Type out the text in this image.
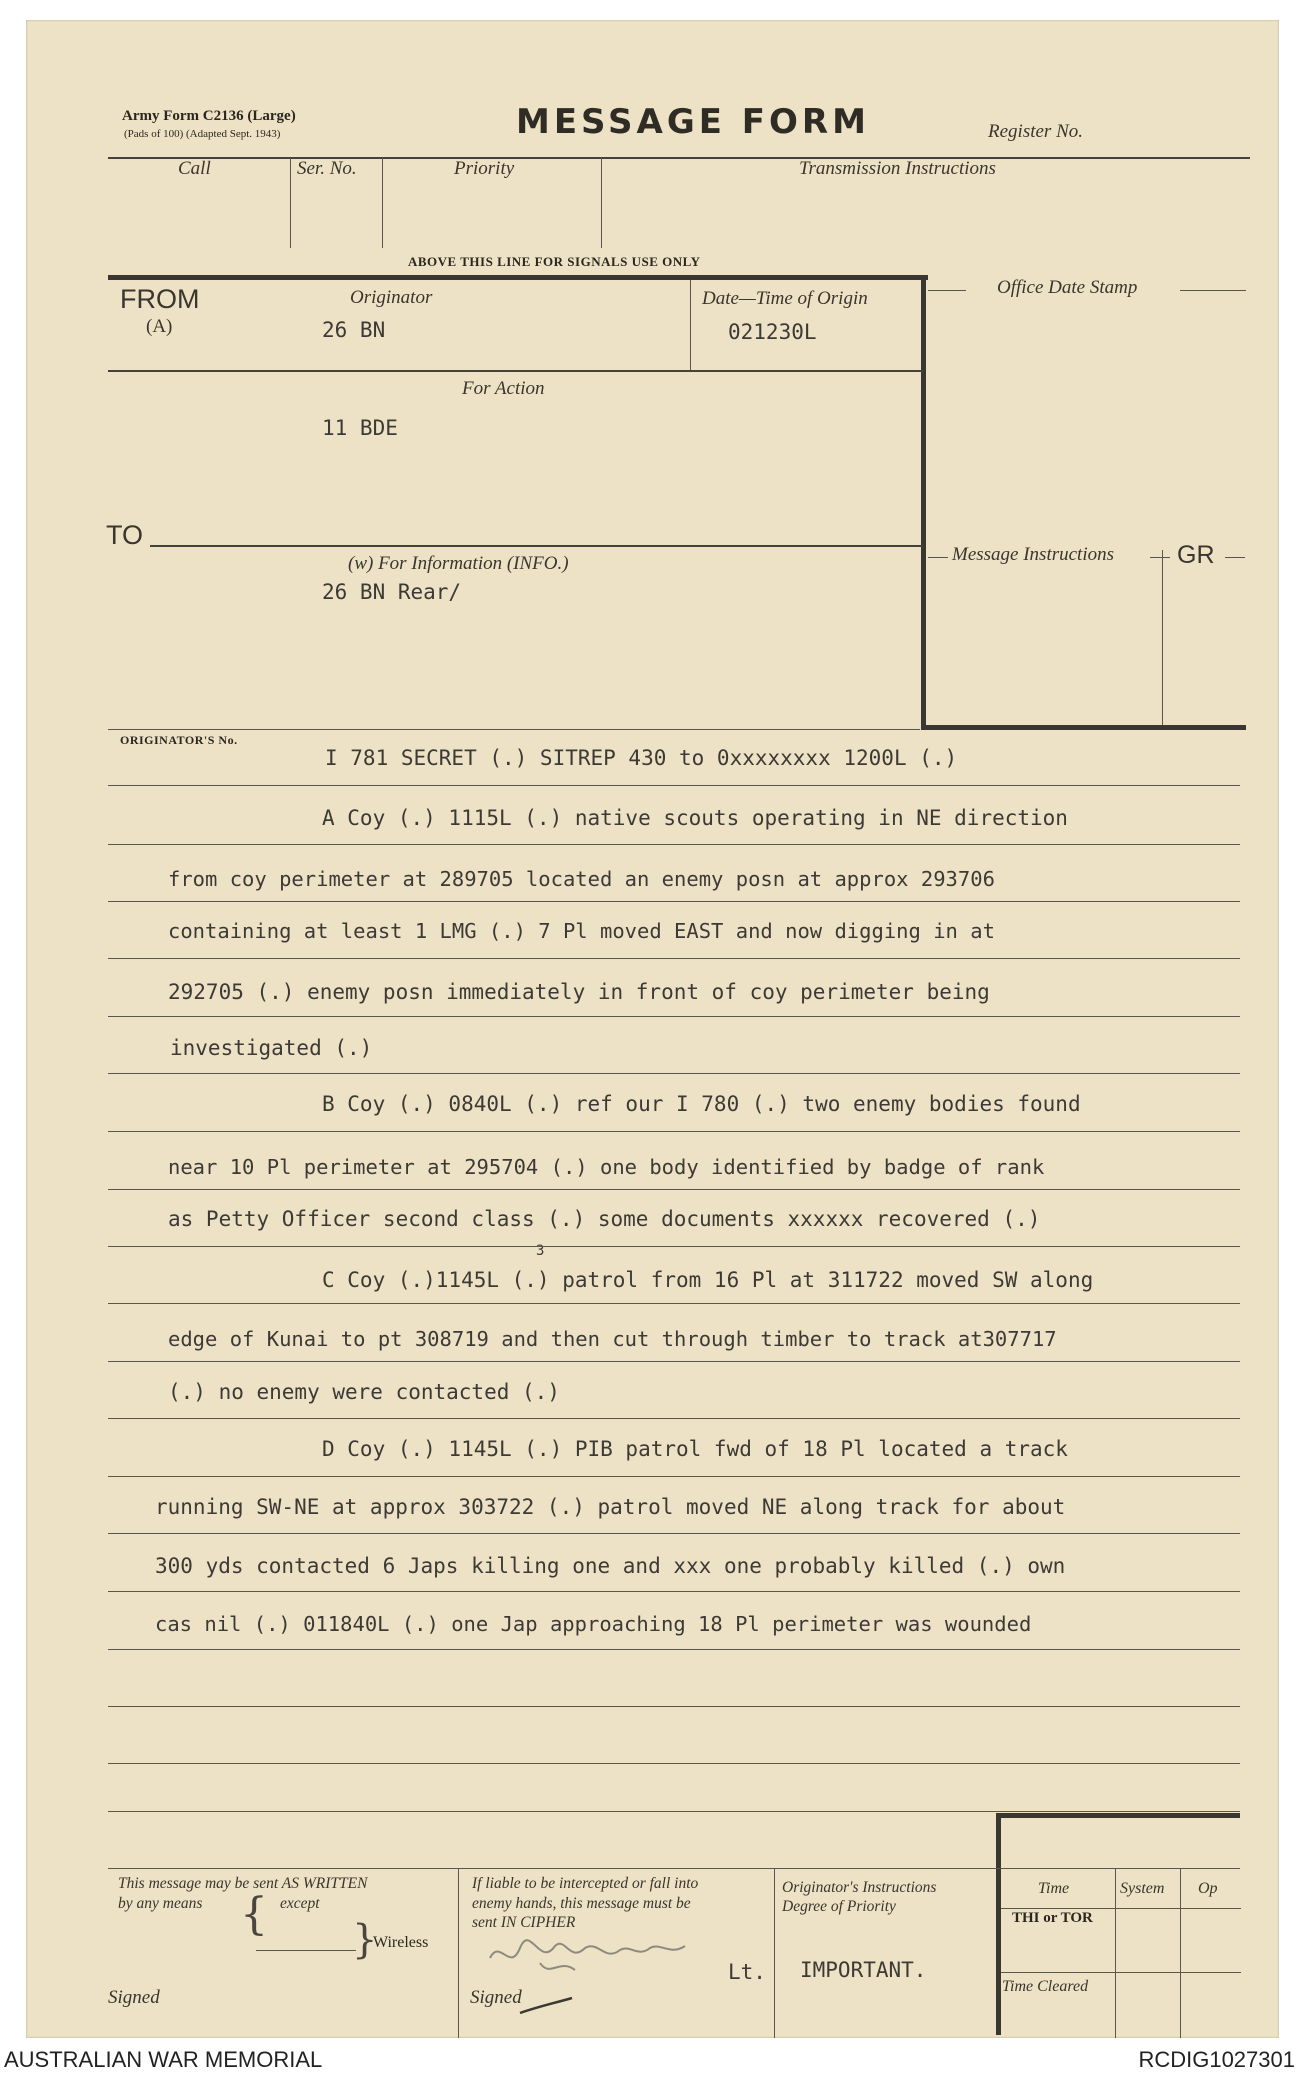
Army Form C2136 (Large)
(Pads of 100) (Adapted Sept. 1943)	MESSAGE FORM	Register No.
Call	Ser. No.	Priority	Transmission Instructions
ABOVE THIS LINE FOR SIGNALS USE ONLY
FROM
(A)
Originator
26 BN
Date—Time of Origin
021230L
Office Date Stamp
For Action
11 BDE
TO
(w) For Information (INFO.)
26 BN Rear/
Message Instructions	GR
ORIGINATOR'S No.
I 781 SECRET (.) SITREP 430 to 0xxxxxxxx 1200L (.)
A Coy (.) 1115L (.) native scouts operating in NE direction
from coy perimeter at 289705 located an enemy posn at approx 293706
containing at least 1 LMG (.) 7 Pl moved EAST and now digging in at
292705 (.) enemy posn immediately in front of coy perimeter being
investigated (.)
B Coy (.) 0840L (.) ref our I 780 (.) two enemy bodies found
near 10 Pl perimeter at 295704 (.) one body identified by badge of rank
as Petty Officer second class (.) some documents xxxxxx recovered (.)
3
C Coy (.)1145L (.) patrol from 16 Pl at 311722 moved SW along
edge of Kunai to pt 308719 and then cut through timber to track at307717
(.) no enemy were contacted (.)
D Coy (.) 1145L (.) PIB patrol fwd of 18 Pl located a track
running SW-NE at approx 303722 (.) patrol moved NE along track for about
300 yds contacted 6 Japs killing one and xxx one probably killed (.) own
cas nil (.) 011840L (.) one Jap approaching 18 Pl perimeter was wounded
This message may be sent AS WRITTEN
by any means { except
}
Wireless
Signed
If liable to be intercepted or fall into
enemy hands, this message must be
sent IN CIPHER
Signed
Lt.
Originator's Instructions
Degree of Priority
IMPORTANT.
Time	System Op
THI or TOR
Time Cleared
AUSTRALIAN WAR MEMORIAL	RCDIG1027301
